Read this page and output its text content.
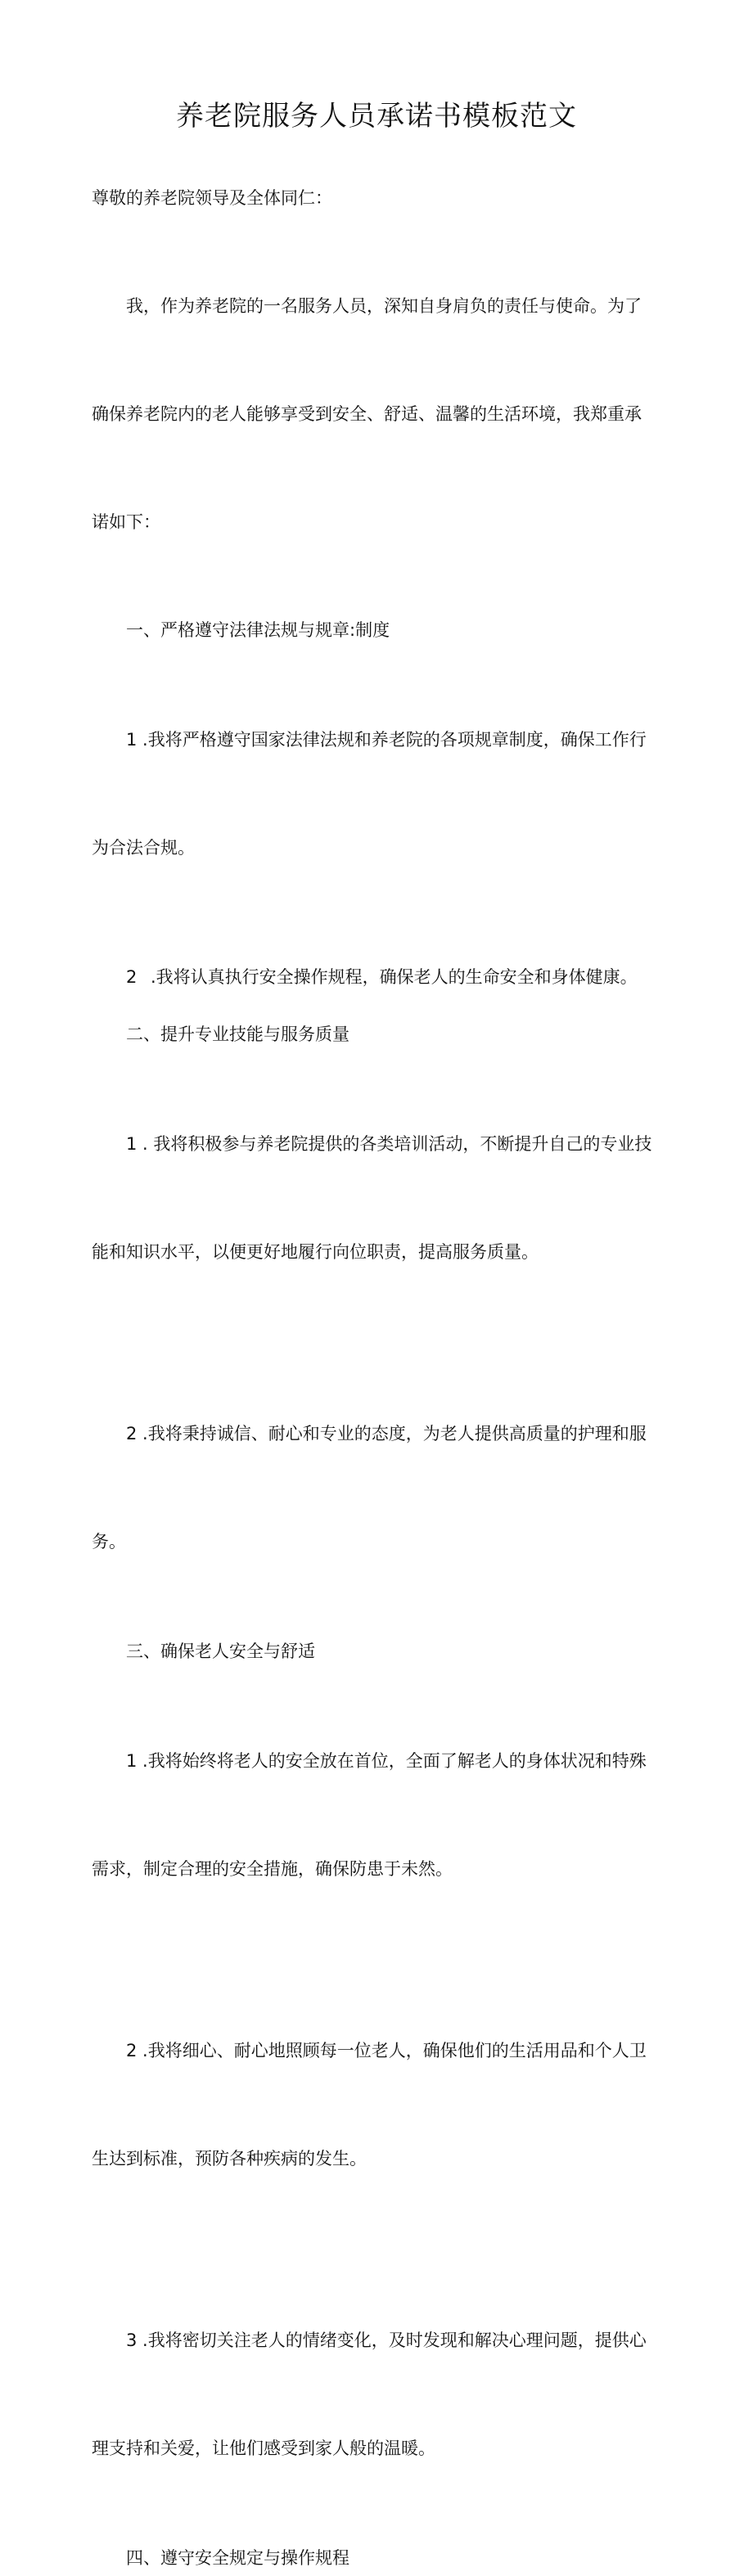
养老院服务人员承诺书模板范文

尊敬的养老院领导及全体同仁：

我，作为养老院的一名服务人员，深知自身肩负的责任与使命。为了

确保养老院内的老人能够享受到安全、舒适、温馨的生活环境，我郑重承

诺如下：

一、严格遵守法律法规与规章:制度

1 .我将严格遵守国家法律法规和养老院的各项规章制度，确保工作行

为合法合规。

2 .我将认真执行安全操作规程，确保老人的生命安全和身体健康。

二、提升专业技能与服务质量

1 . 我将积极参与养老院提供的各类培训活动，不断提升自己的专业技

能和知识水平，以便更好地履行向位职责，提高服务质量。

2 .我将秉持诚信、耐心和专业的态度，为老人提供高质量的护理和服

务。

三、确保老人安全与舒适

1 .我将始终将老人的安全放在首位，全面了解老人的身体状况和特殊

需求，制定合理的安全措施，确保防患于未然。

2 .我将细心、耐心地照顾每一位老人，确保他们的生活用品和个人卫

生达到标准，预防各种疾病的发生。

3 .我将密切关注老人的情绪变化，及时发现和解决心理问题，提供心

理支持和关爱，让他们感受到家人般的温暖。

四、遵守安全规定与操作规程
